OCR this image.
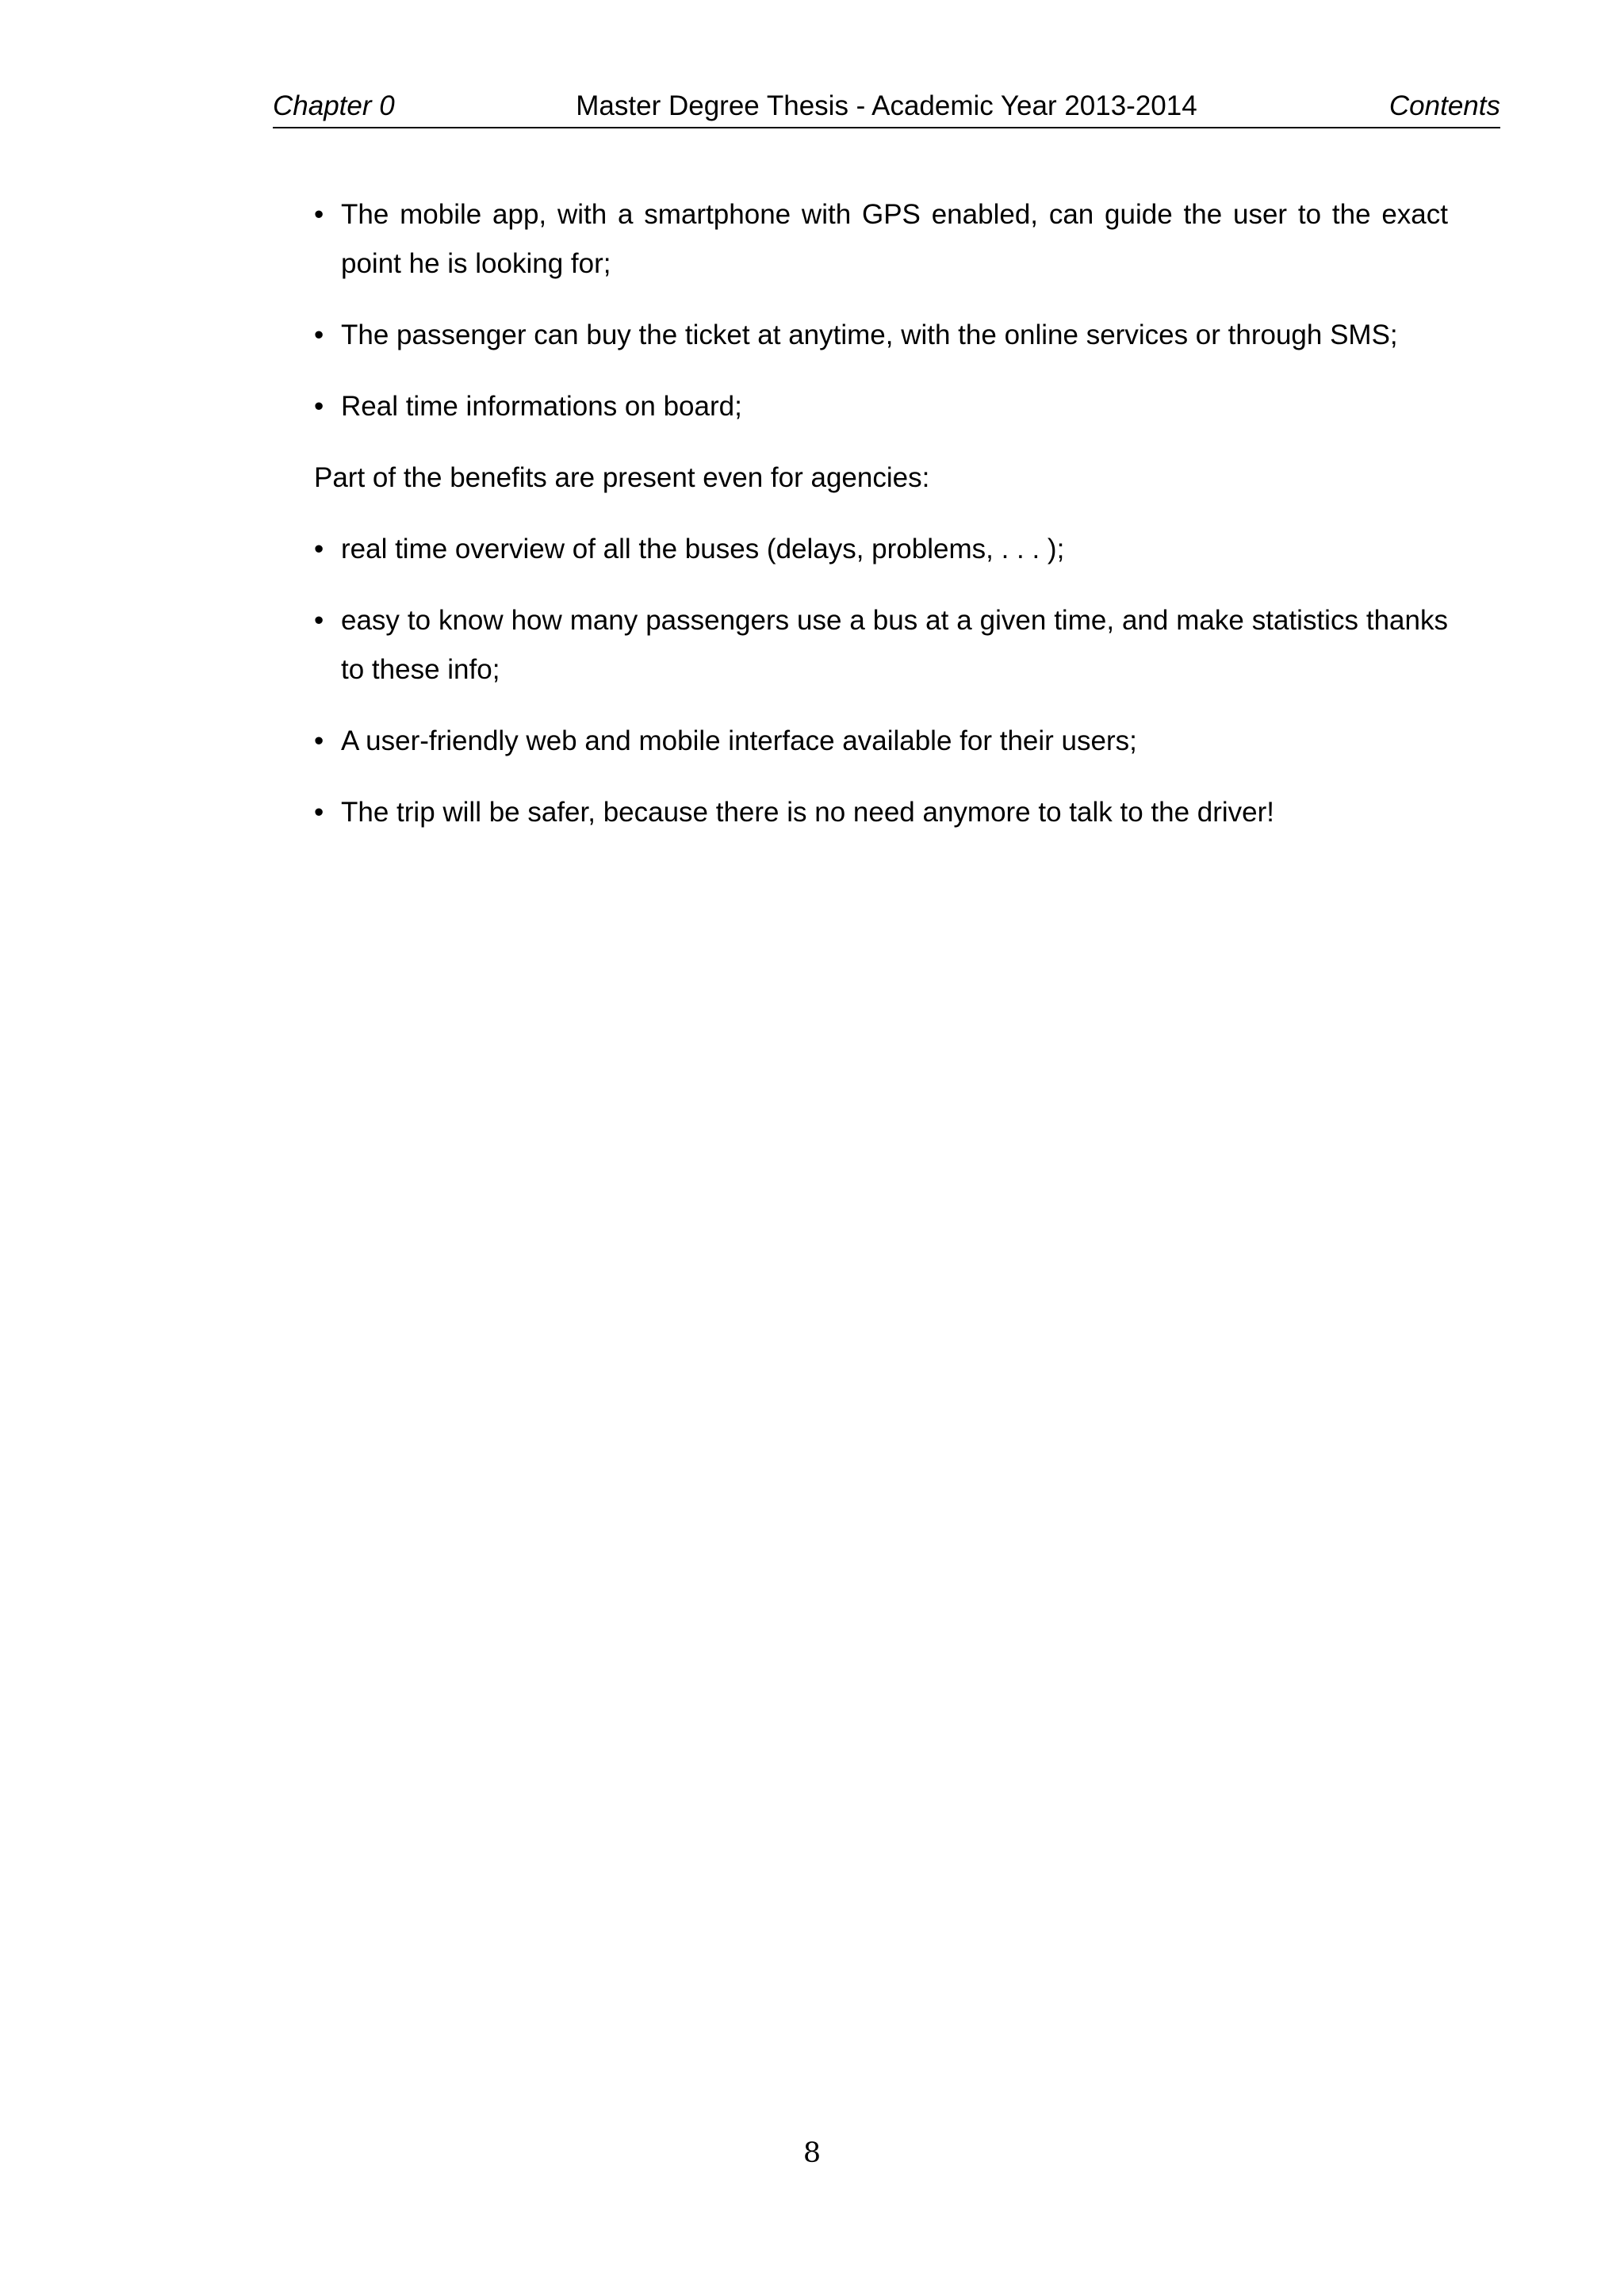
Chapter 0	Master Degree Thesis - Academic Year 2013-2014	Contents
• The mobile app, with a smartphone with GPS enabled, can guide the user to the exact point he is looking for;
• The passenger can buy the ticket at anytime, with the online services or through SMS;
• Real time informations on board;

Part of the benefits are present even for agencies:

• real time overview of all the buses (delays, problems, . . . );
• easy to know how many passengers use a bus at a given time, and make statistics thanks to these info;
• A user-friendly web and mobile interface available for their users;
• The trip will be safer, because there is no need anymore to talk to the driver!
8
